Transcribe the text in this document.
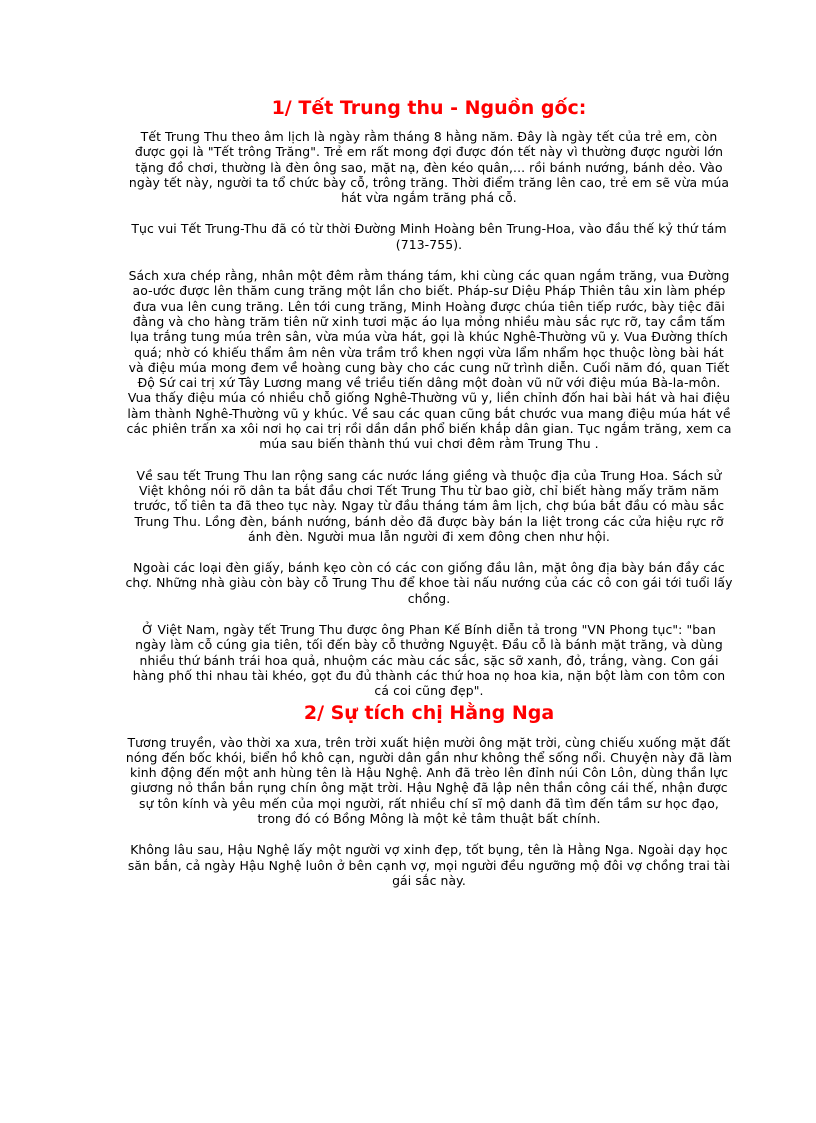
1/ Tết Trung thu - Nguồn gốc:

Tết Trung Thu theo âm lịch là ngày rằm tháng 8 hằng năm. Đây là ngày tết của trẻ em, còn được gọi là "Tết trông Trăng". Trẻ em rất mong đợi được đón tết này vì thường được người lớn tặng đồ chơi, thường là đèn ông sao, mặt nạ, đèn kéo quân,... rồi bánh nướng, bánh dẻo. Vào ngày tết này, người ta tổ chức bày cỗ, trông trăng. Thời điểm trăng lên cao, trẻ em sẽ vừa múa hát vừa ngắm trăng phá cỗ.

Tục vui Tết Trung-Thu đã có từ thời Đường Minh Hoàng bên Trung-Hoa, vào đầu thế kỷ thứ tám (713-755).

Sách xưa chép rằng, nhân một đêm rằm tháng tám, khi cùng các quan ngắm trăng, vua Đường ao-ước được lên thăm cung trăng một lần cho biết. Pháp-sư Diệu Pháp Thiên tâu xin làm phép đưa vua lên cung trăng. Lên tới cung trăng, Minh Hoàng được chúa tiên tiếp rước, bày tiệc đãi đằng và cho hàng trăm tiên nữ xinh tươi mặc áo lụa mỏng nhiều màu sắc rực rỡ, tay cầm tấm lụa trắng tung múa trên sân, vừa múa vừa hát, gọi là khúc Nghê-Thường vũ y. Vua Đường thích quá; nhờ có khiếu thẩm âm nên vừa trầm trồ khen ngợi vừa lẩm nhẩm học thuộc lòng bài hát và điệu múa mong đem về hoàng cung bày cho các cung nữ trình diễn. Cuối năm đó, quan Tiết Độ Sứ cai trị xứ Tây Lương mang về triều tiến dâng một đoàn vũ nữ với điệu múa Bà-la-môn. Vua thấy điệu múa có nhiều chỗ giống Nghê-Thường vũ y, liền chỉnh đốn hai bài hát và hai điệu làm thành Nghê-Thường vũ y khúc. Về sau các quan cũng bắt chước vua mang điệu múa hát về các phiên trấn xa xôi nơi họ cai trị rồi dần dần phổ biến khắp dân gian. Tục ngắm trăng, xem ca múa sau biến thành thú vui chơi đêm rằm Trung Thu .

Về sau tết Trung Thu lan rộng sang các nước láng giềng và thuộc địa của Trung Hoa. Sách sử Việt không nói rõ dân ta bắt đầu chơi Tết Trung Thu từ bao giờ, chỉ biết hàng mấy trăm năm trước, tổ tiên ta đã theo tục này. Ngay từ đầu tháng tám âm lịch, chợ búa bắt đầu có màu sắc Trung Thu. Lồng đèn, bánh nướng, bánh dẻo đã được bày bán la liệt trong các cửa hiệu rực rỡ ánh đèn. Người mua lẫn người đi xem đông chen như hội.

Ngoài các loại đèn giấy, bánh kẹo còn có các con giống đầu lân, mặt ông địa bày bán đầy các chợ. Những nhà giàu còn bày cỗ Trung Thu để khoe tài nấu nướng của các cô con gái tới tuổi lấy chồng.

Ở Việt Nam, ngày tết Trung Thu được ông Phan Kế Bính diễn tả trong "VN Phong tục": "ban ngày làm cỗ cúng gia tiên, tối đến bày cỗ thưởng Nguyệt. Đầu cỗ là bánh mặt trăng, và dùng nhiều thứ bánh trái hoa quả, nhuộm các màu các sắc, sặc sỡ xanh, đỏ, trắng, vàng. Con gái hàng phố thi nhau tài khéo, gọt đu đủ thành các thứ hoa nọ hoa kia, nặn bột làm con tôm con cá coi cũng đẹp".

2/ Sự tích chị Hằng Nga

Tương truyền, vào thời xa xưa, trên trời xuất hiện mười ông mặt trời, cùng chiếu xuống mặt đất nóng đến bốc khói, biển hồ khô cạn, người dân gần như không thể sống nổi. Chuyện này đã làm kinh động đến một anh hùng tên là Hậu Nghệ. Anh đã trèo lên đỉnh núi Côn Lôn, dùng thần lực giương nỏ thần bắn rụng chín ông mặt trời. Hậu Nghệ đã lập nên thần công cái thế, nhận được sự tôn kính và yêu mến của mọi người, rất nhiều chí sĩ mộ danh đã tìm đến tầm sư học đạo, trong đó có Bồng Mông là một kẻ tâm thuật bất chính.

Không lâu sau, Hậu Nghệ lấy một người vợ xinh đẹp, tốt bụng, tên là Hằng Nga. Ngoài dạy học săn bắn, cả ngày Hậu Nghệ luôn ở bên cạnh vợ, mọi người đều ngưỡng mộ đôi vợ chồng trai tài gái sắc này.
